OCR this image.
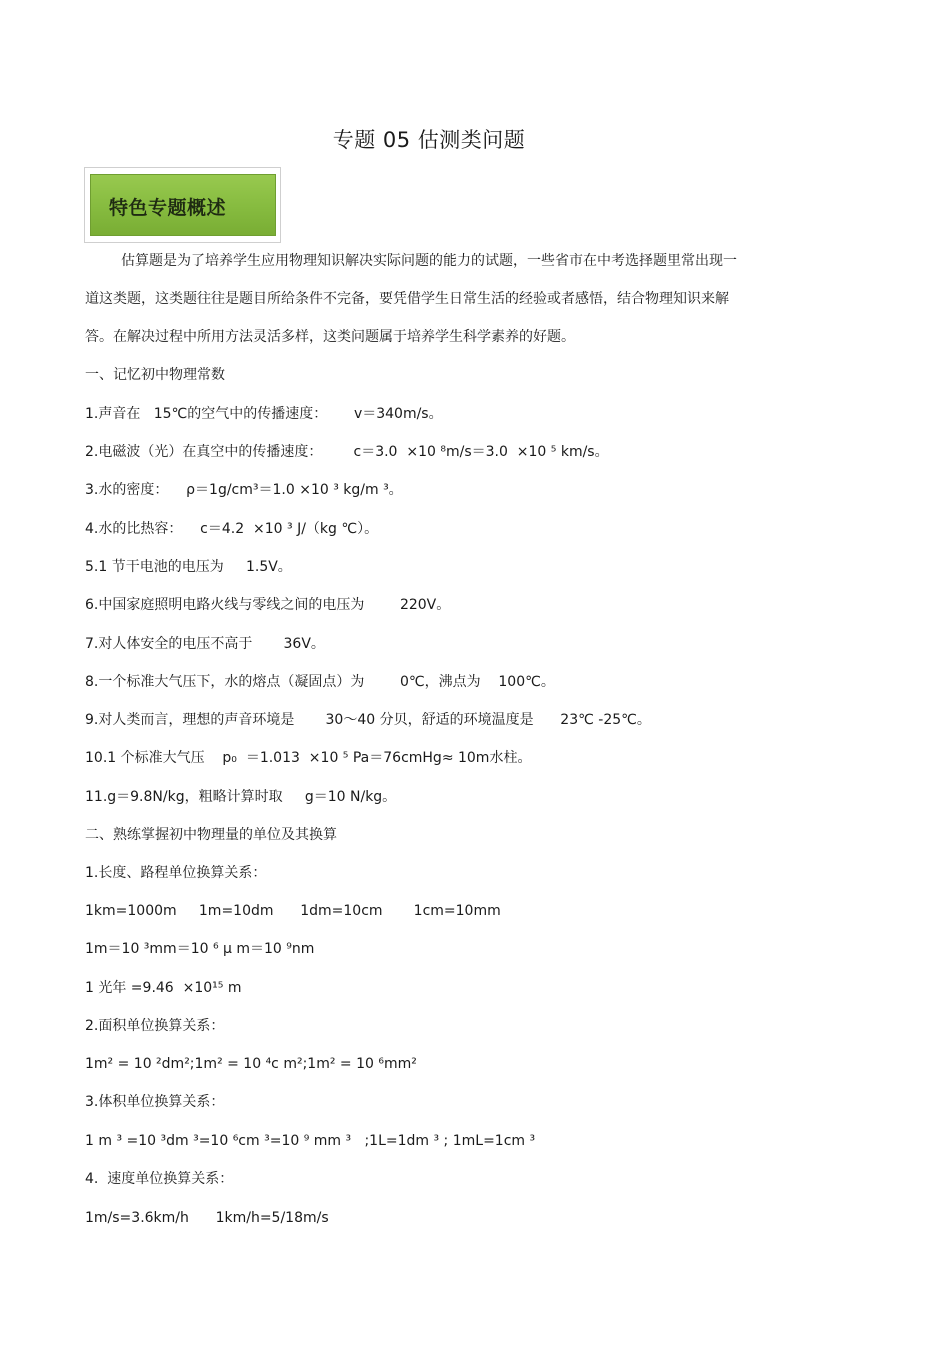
专题 05 估测类问题
特色专题概述
估算题是为了培养学生应用物理知识解决实际问题的能力的试题，一些省市在中考选择题里常出现一
道这类题，这类题往往是题目所给条件不完备，要凭借学生日常生活的经验或者感悟，结合物理知识来解
答。在解决过程中所用方法灵活多样，这类问题属于培养学生科学素养的好题。
一、记忆初中物理常数
1.声音在   15℃的空气中的传播速度：      v＝340m/s。
2.电磁波（光）在真空中的传播速度：       c＝3.0  ×10 ⁸m/s＝3.0  ×10 ⁵ km/s。
3.水的密度：    ρ＝1g/cm³＝1.0 ×10 ³ kg/m ³。
4.水的比热容：    c＝4.2  ×10 ³ J/（kg ℃）。
5.1 节干电池的电压为     1.5V。
6.中国家庭照明电路火线与零线之间的电压为        220V。
7.对人体安全的电压不高于       36V。
8.一个标准大气压下，水的熔点（凝固点）为        0℃，沸点为    100℃。
9.对人类而言，理想的声音环境是       30～40 分贝，舒适的环境温度是      23℃ -25℃。
10.1 个标准大气压    p₀  ＝1.013  ×10 ⁵ Pa＝76cmHg≈ 10m水柱。
11.g＝9.8N/kg，粗略计算时取     g＝10 N/kg。
二、熟练掌握初中物理量的单位及其换算
1.长度、路程单位换算关系：
1km=1000m     1m=10dm      1dm=10cm       1cm=10mm
1m＝10 ³mm＝10 ⁶ μ m＝10 ⁹nm
1 光年 =9.46  ×10¹⁵ m
2.面积单位换算关系：
1m² = 10 ²dm²;1m² = 10 ⁴c m²;1m² = 10 ⁶mm²
3.体积单位换算关系：
1 m ³ =10 ³dm ³=10 ⁶cm ³=10 ⁹ mm ³   ;1L=1dm ³ ; 1mL=1cm ³
4.  速度单位换算关系：
1m/s=3.6km/h      1km/h=5/18m/s
